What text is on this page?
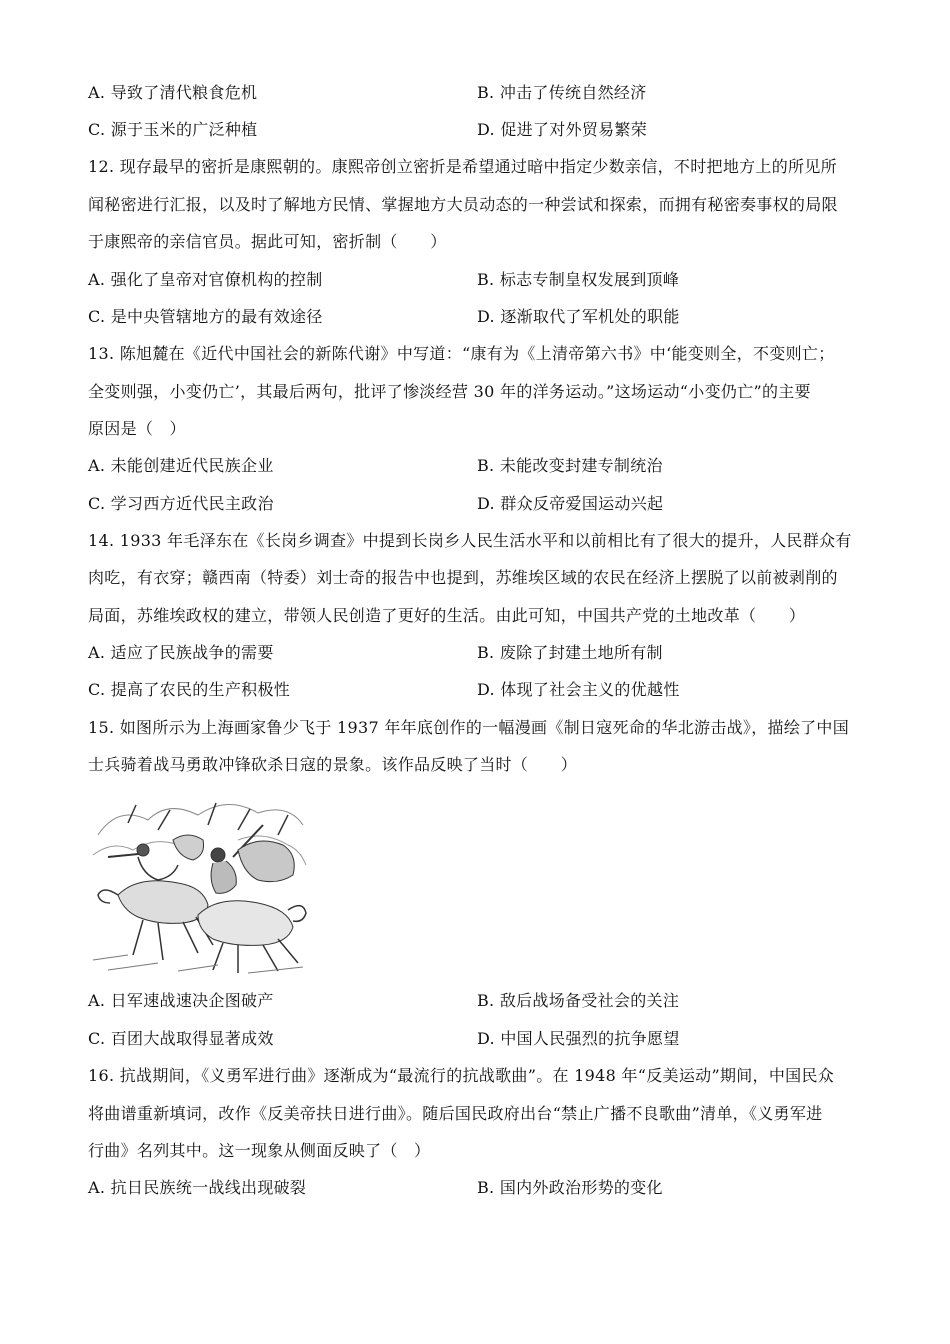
A. 导致了清代粮食危机	B. 冲击了传统自然经济
C. 源于玉米的广泛种植	D. 促进了对外贸易繁荣
12. 现存最早的密折是康熙朝的。康熙帝创立密折是希望通过暗中指定少数亲信，不时把地方上的所见所
闻秘密进行汇报，以及时了解地方民情、掌握地方大员动态的一种尝试和探索，而拥有秘密奏事权的局限
于康熙帝的亲信官员。据此可知，密折制（　　）
A. 强化了皇帝对官僚机构的控制	B. 标志专制皇权发展到顶峰
C. 是中央管辖地方的最有效途径	D. 逐渐取代了军机处的职能
13. 陈旭麓在《近代中国社会的新陈代谢》中写道：“康有为《上清帝第六书》中‘能变则全，不变则亡；
全变则强，小变仍亡’，其最后两句，批评了惨淡经营 30 年的洋务运动。”这场运动“小变仍亡”的主要
原因是（　）
A. 未能创建近代民族企业	B. 未能改变封建专制统治
C. 学习西方近代民主政治	D. 群众反帝爱国运动兴起
14. 1933 年毛泽东在《长岗乡调查》中提到长岗乡人民生活水平和以前相比有了很大的提升，人民群众有
肉吃，有衣穿；赣西南（特委）刘士奇的报告中也提到，苏维埃区域的农民在经济上摆脱了以前被剥削的
局面，苏维埃政权的建立，带领人民创造了更好的生活。由此可知，中国共产党的土地改革（　　）
A. 适应了民族战争的需要	B. 废除了封建土地所有制
C. 提高了农民的生产积极性	D. 体现了社会主义的优越性
15. 如图所示为上海画家鲁少飞于 1937 年年底创作的一幅漫画《制日寇死命的华北游击战》，描绘了中国
士兵骑着战马勇敢冲锋砍杀日寇的景象。该作品反映了当时（　　）
A. 日军速战速决企图破产	B. 敌后战场备受社会的关注
C. 百团大战取得显著成效	D. 中国人民强烈的抗争愿望
16. 抗战期间，《义勇军进行曲》逐渐成为“最流行的抗战歌曲”。在 1948 年“反美运动”期间，中国民众
将曲谱重新填词，改作《反美帝扶日进行曲》。随后国民政府出台“禁止广播不良歌曲”清单，《义勇军进
行曲》名列其中。这一现象从侧面反映了（　）
A. 抗日民族统一战线出现破裂	B. 国内外政治形势的变化
